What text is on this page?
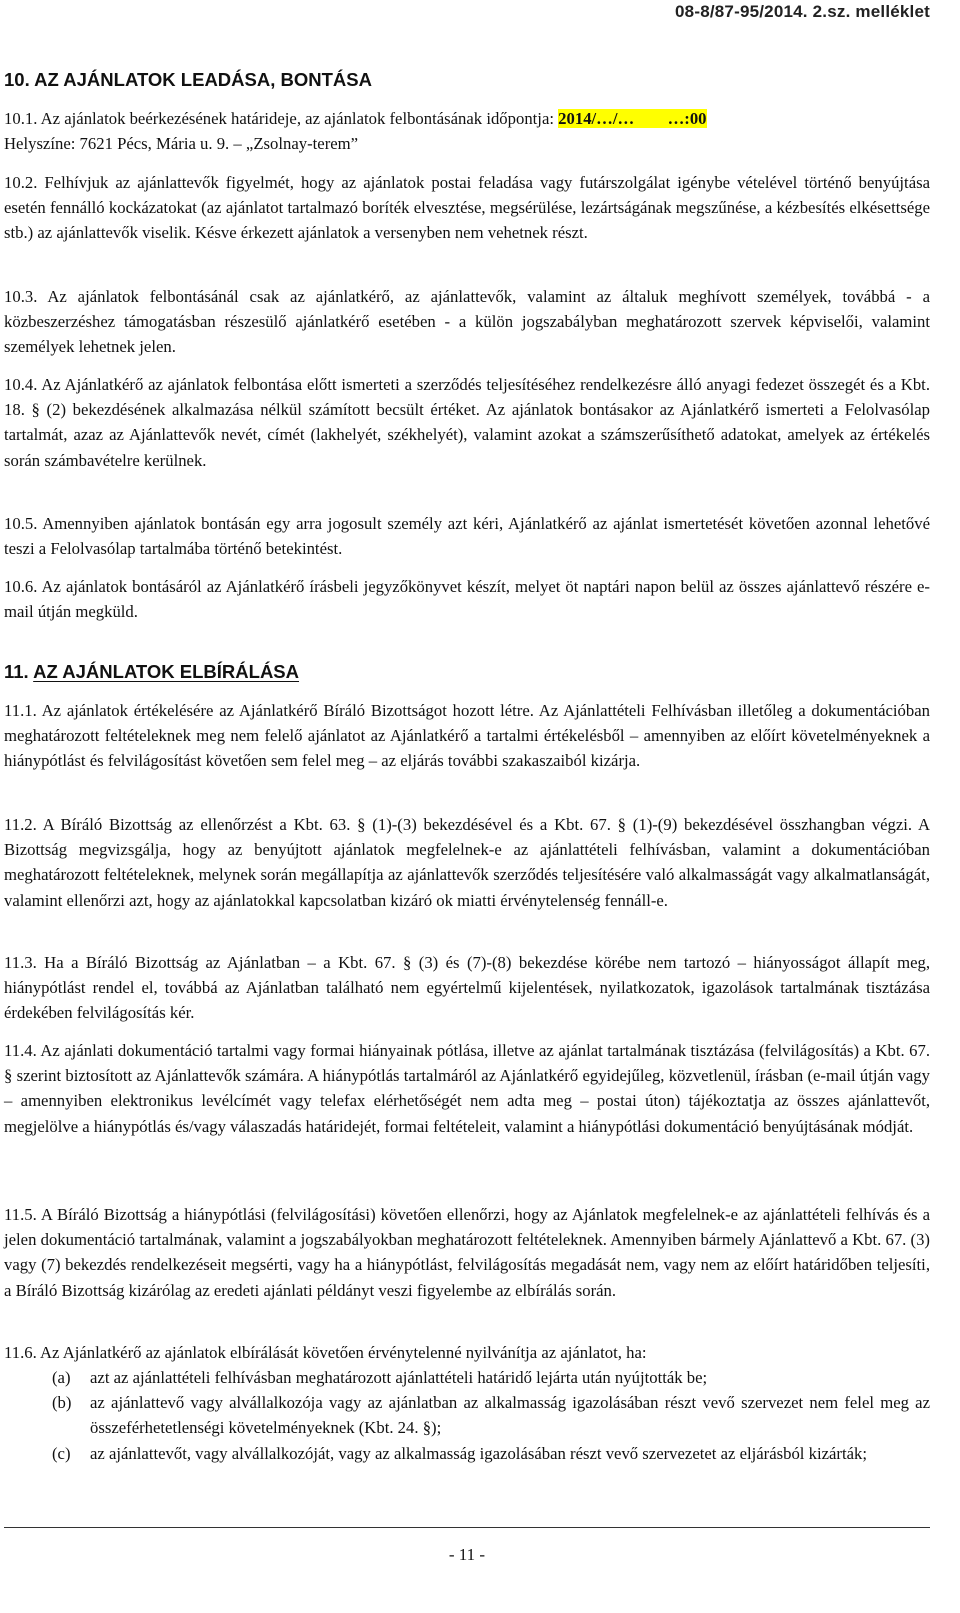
08-8/87-95/2014. 2.sz. melléklet
10. AZ AJÁNLATOK LEADÁSA, BONTÁSA
10.1. Az ajánlatok beérkezésének határideje, az ajánlatok felbontásának időpontja: 2014/…/…        …:00
Helyszíne: 7621 Pécs, Mária u. 9. – „Zsolnay-terem”
10.2. Felhívjuk az ajánlattevők figyelmét, hogy az ajánlatok postai feladása vagy futárszolgálat igénybe vételével történő benyújtása esetén fennálló kockázatokat (az ajánlatot tartalmazó boríték elvesztése, megsérülése, lezártságának megszűnése, a kézbesítés elkésettsége stb.) az ajánlattevők viselik. Késve érkezett ajánlatok a versenyben nem vehetnek részt.
10.3. Az ajánlatok felbontásánál csak az ajánlatkérő, az ajánlattevők, valamint az általuk meghívott személyek, továbbá - a közbeszerzéshez támogatásban részesülő ajánlatkérő esetében - a külön jogszabályban meghatározott szervek képviselői, valamint személyek lehetnek jelen.
10.4. Az Ajánlatkérő az ajánlatok felbontása előtt ismerteti a szerződés teljesítéséhez rendelkezésre álló anyagi fedezet összegét és a Kbt. 18. § (2) bekezdésének alkalmazása nélkül számított becsült értéket. Az ajánlatok bontásakor az Ajánlatkérő ismerteti a Felolvasólap tartalmát, azaz az Ajánlattevők nevét, címét (lakhelyét, székhelyét), valamint azokat a számszerűsíthető adatokat, amelyek az értékelés során számbavételre kerülnek.
10.5. Amennyiben ajánlatok bontásán egy arra jogosult személy azt kéri, Ajánlatkérő az ajánlat ismertetését követően azonnal lehetővé teszi a Felolvasólap tartalmába történő betekintést.
10.6. Az ajánlatok bontásáról az Ajánlatkérő írásbeli jegyzőkönyvet készít, melyet öt naptári napon belül az összes ajánlattevő részére e-mail útján megküld.
11. AZ AJÁNLATOK ELBÍRÁLÁSA
11.1. Az ajánlatok értékelésére az Ajánlatkérő Bíráló Bizottságot hozott létre. Az Ajánlattételi Felhívásban illetőleg a dokumentációban meghatározott feltételeknek meg nem felelő ajánlatot az Ajánlatkérő a tartalmi értékelésből – amennyiben az előírt követelményeknek a hiánypótlást és felvilágosítást követően sem felel meg – az eljárás további szakaszaiból kizárja.
11.2. A Bíráló Bizottság az ellenőrzést a Kbt. 63. § (1)-(3) bekezdésével és a Kbt. 67. § (1)-(9) bekezdésével összhangban végzi. A Bizottság megvizsgálja, hogy az benyújtott ajánlatok megfelelnek-e az ajánlattételi felhívásban, valamint a dokumentációban meghatározott feltételeknek, melynek során megállapítja az ajánlattevők szerződés teljesítésére való alkalmasságát vagy alkalmatlanságát, valamint ellenőrzi azt, hogy az ajánlatokkal kapcsolatban kizáró ok miatti érvénytelenség fennáll-e.
11.3. Ha a Bíráló Bizottság az Ajánlatban – a Kbt. 67. § (3) és (7)-(8) bekezdése körébe nem tartozó – hiányosságot állapít meg, hiánypótlást rendel el, továbbá az Ajánlatban található nem egyértelmű kijelentések, nyilatkozatok, igazolások tartalmának tisztázása érdekében felvilágosítás kér.
11.4. Az ajánlati dokumentáció tartalmi vagy formai hiányainak pótlása, illetve az ajánlat tartalmának tisztázása (felvilágosítás) a Kbt. 67. § szerint biztosított az Ajánlattevők számára. A hiánypótlás tartalmáról az Ajánlatkérő egyidejűleg, közvetlenül, írásban (e-mail útján vagy – amennyiben elektronikus levélcímét vagy telefax elérhetőségét nem adta meg – postai úton) tájékoztatja az összes ajánlattevőt, megjelölve a hiánypótlás és/vagy válaszadás határidejét, formai feltételeit, valamint a hiánypótlási dokumentáció benyújtásának módját.
11.5. A Bíráló Bizottság a hiánypótlási (felvilágosítási) követően ellenőrzi, hogy az Ajánlatok megfelelnek-e az ajánlattételi felhívás és a jelen dokumentáció tartalmának, valamint a jogszabályokban meghatározott feltételeknek. Amennyiben bármely Ajánlattevő a Kbt. 67. (3) vagy (7) bekezdés rendelkezéseit megsérti, vagy ha a hiánypótlást, felvilágosítás megadását nem, vagy nem az előírt határidőben teljesíti, a Bíráló Bizottság kizárólag az eredeti ajánlati példányt veszi figyelembe az elbírálás során.
11.6. Az Ajánlatkérő az ajánlatok elbírálását követően érvénytelenné nyilvánítja az ajánlatot, ha:
(a) azt az ajánlattételi felhívásban meghatározott ajánlattételi határidő lejárta után nyújtották be;
(b) az ajánlattevő vagy alvállalkozója vagy az ajánlatban az alkalmasság igazolásában részt vevő szervezet nem felel meg az összeférhetetlenségi követelményeknek (Kbt. 24. §);
(c) az ajánlattevőt, vagy alvállalkozóját, vagy az alkalmasság igazolásában részt vevő szervezetet az eljárásból kizárták;
- 11 -
